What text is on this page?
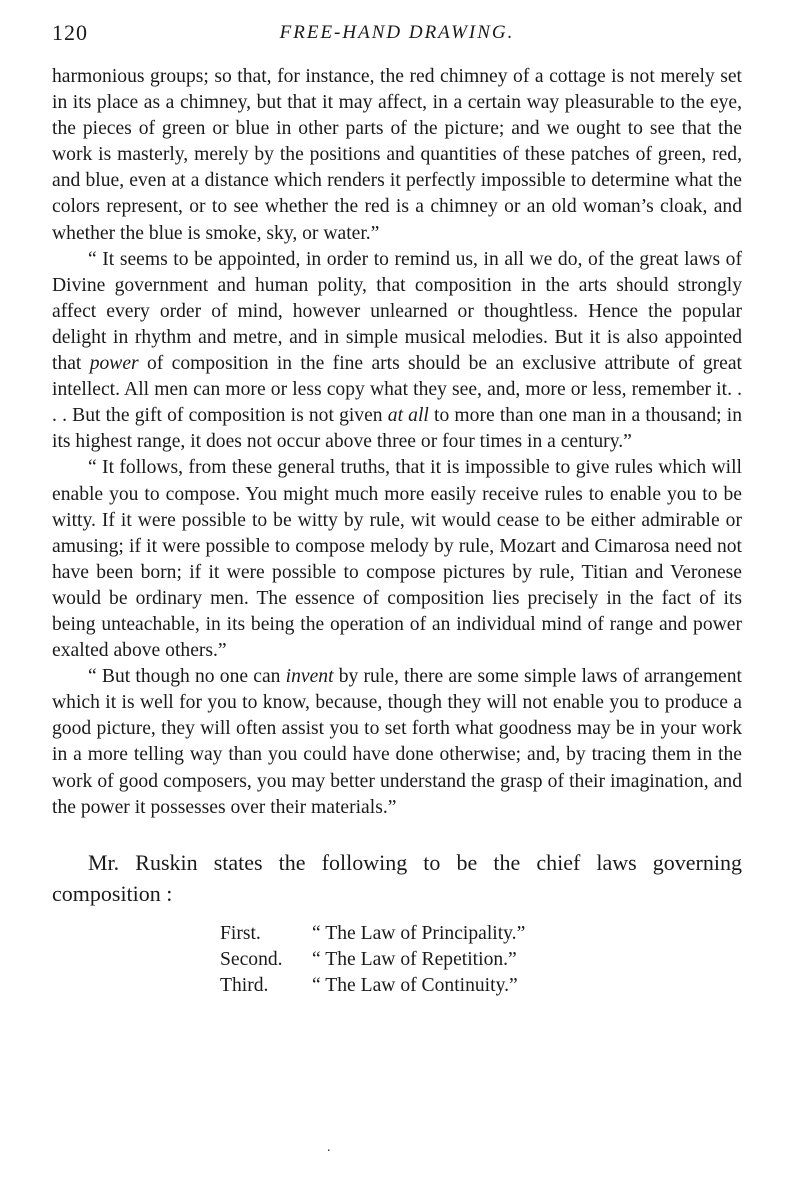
120	FREE-HAND DRAWING.

harmonious groups; so that, for instance, the red chimney of a cottage is not merely set in its place as a chimney, but that it may affect, in a certain way pleasurable to the eye, the pieces of green or blue in other parts of the picture; and we ought to see that the work is masterly, merely by the positions and quantities of these patches of green, red, and blue, even at a distance which renders it perfectly impossible to determine what the colors represent, or to see whether the red is a chimney or an old woman’s cloak, and whether the blue is smoke, sky, or water.”

“ It seems to be appointed, in order to remind us, in all we do, of the great laws of Divine government and human polity, that composition in the arts should strongly affect every order of mind, however unlearned or thoughtless. Hence the popular delight in rhythm and metre, and in simple musical melodies. But it is also appointed that power of composition in the fine arts should be an exclusive attribute of great intellect. All men can more or less copy what they see, and, more or less, remember it. . . . But the gift of composition is not given at all to more than one man in a thousand; in its highest range, it does not occur above three or four times in a century.”

“ It follows, from these general truths, that it is impossible to give rules which will enable you to compose. You might much more easily receive rules to enable you to be witty. If it were possible to be witty by rule, wit would cease to be either admirable or amusing; if it were possible to compose melody by rule, Mozart and Cimarosa need not have been born; if it were possible to compose pictures by rule, Titian and Veronese would be ordinary men. The essence of composition lies precisely in the fact of its being unteachable, in its being the operation of an individual mind of range and power exalted above others.”

“ But though no one can invent by rule, there are some simple laws of arrangement which it is well for you to know, because, though they will not enable you to produce a good picture, they will often assist you to set forth what goodness may be in your work in a more telling way than you could have done otherwise; and, by tracing them in the work of good composers, you may better understand the grasp of their imagination, and the power it possesses over their materials.”

Mr. Ruskin states the following to be the chief laws governing composition :

First.	“ The Law of Principality.”
Second.	“ The Law of Repetition.”
Third.	“ The Law of Continuity.”
.
